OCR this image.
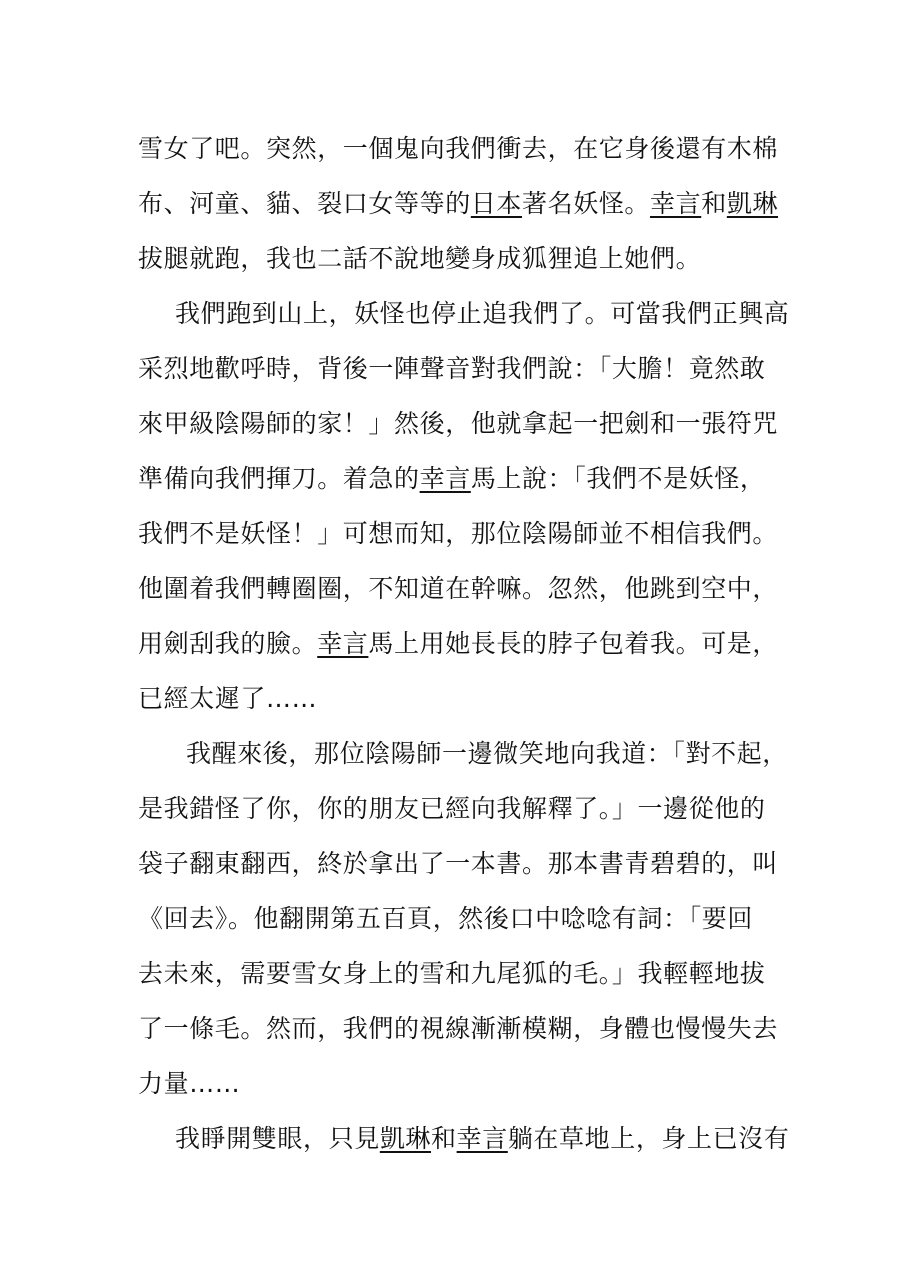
雪女了吧。突然，一個鬼向我們衝去，在它身後還有木棉
布、河童、貓、裂口女等等的日本著名妖怪。幸言和凱琳
拔腿就跑，我也二話不說地變身成狐狸追上她們。
我們跑到山上，妖怪也停止追我們了。可當我們正興高
采烈地歡呼時，背後一陣聲音對我們說：「大膽！竟然敢
來甲級陰陽師的家！」然後，他就拿起一把劍和一張符咒
準備向我們揮刀。着急的幸言馬上說：「我們不是妖怪，
我們不是妖怪！」可想而知，那位陰陽師並不相信我們。
他圍着我們轉圈圈，不知道在幹嘛。忽然，他跳到空中，
用劍刮我的臉。幸言馬上用她長長的脖子包着我。可是，
已經太遲了……
我醒來後，那位陰陽師一邊微笑地向我道：「對不起，
是我錯怪了你，你的朋友已經向我解釋了。」一邊從他的
袋子翻東翻西，終於拿出了一本書。那本書青碧碧的，叫
《回去》。他翻開第五百頁，然後口中唸唸有詞：「要回
去未來，需要雪女身上的雪和九尾狐的毛。」我輕輕地拔
了一條毛。然而，我們的視線漸漸模糊，身體也慢慢失去
力量……
我睜開雙眼，只見凱琳和幸言躺在草地上，身上已沒有
